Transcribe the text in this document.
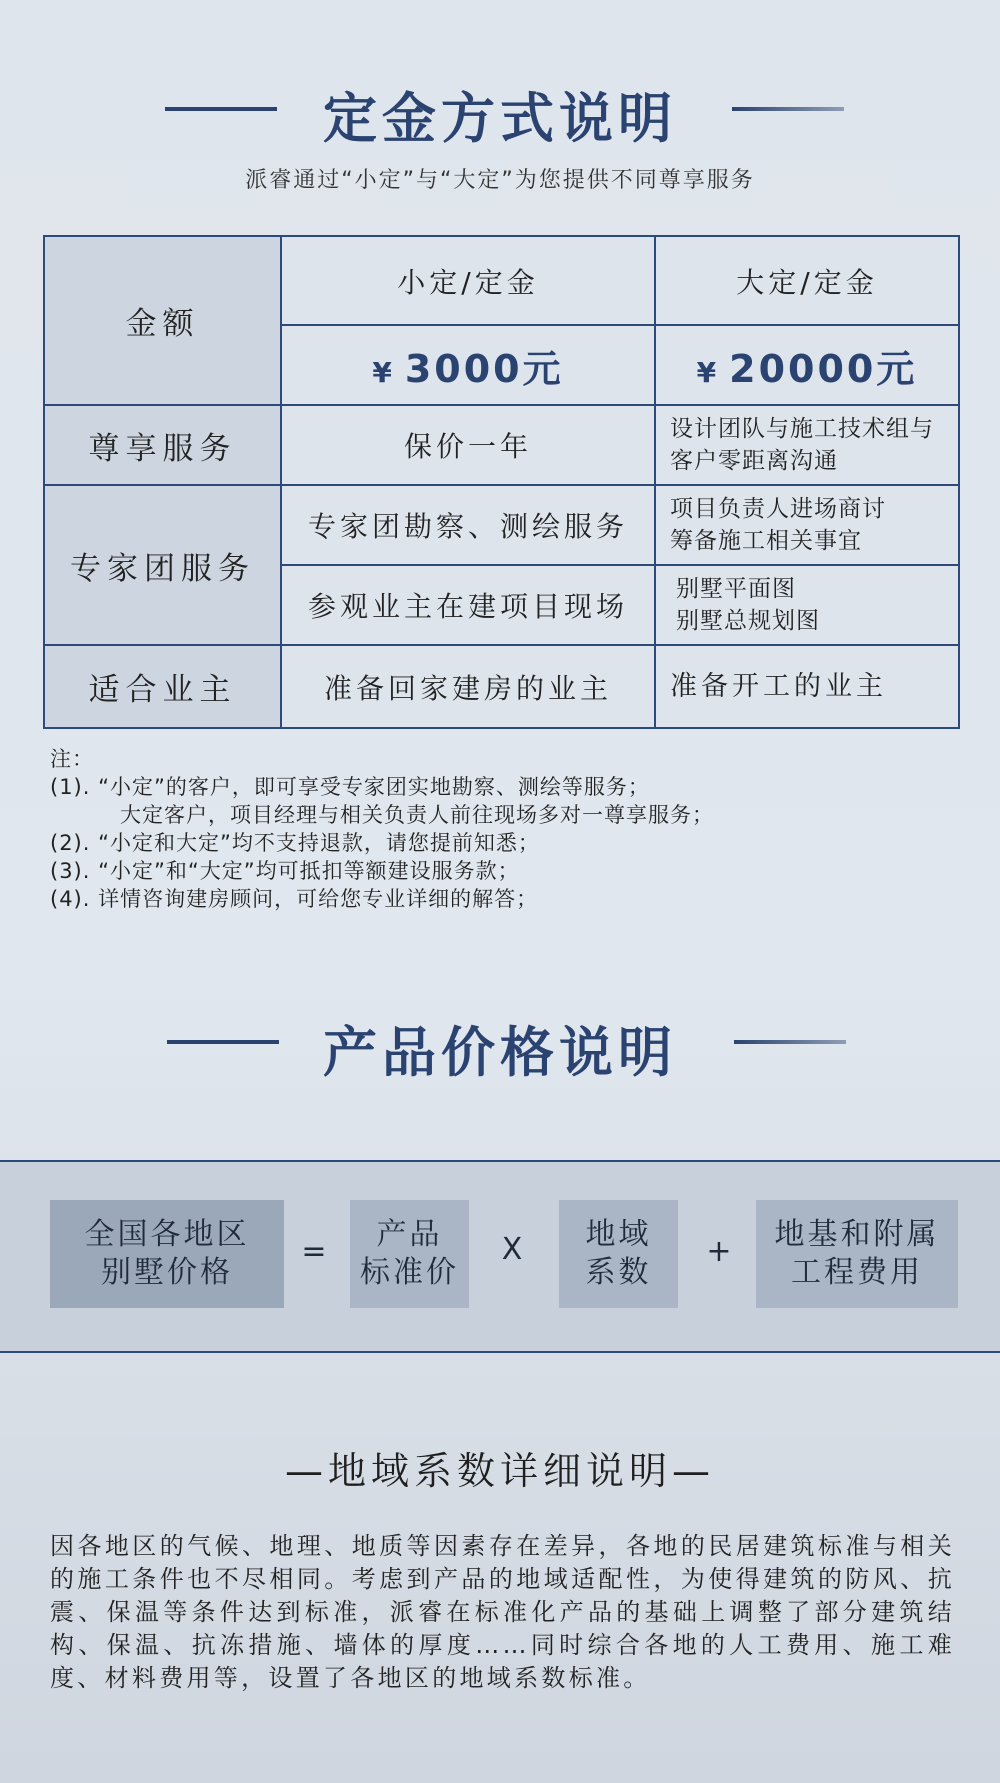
定金方式说明
派睿通过“小定”与“大定”为您提供不同尊享服务
金额	小定/定金	大定/定金
	¥ 3000元	¥ 20000元
尊享服务	保价一年	设计团队与施工技术组与
客户零距离沟通

专家团服务	专家团勘察、测绘服务	项目负责人进场商讨
筹备施工相关事宜

	参观业主在建项目现场	别墅平面图
别墅总规划图

适合业主	准备回家建房的业主	准备开工的业主
注：
(1). “小定”的客户，即可享受专家团实地勘察、测绘等服务；
大定客户，项目经理与相关负责人前往现场多对一尊享服务；
(2). “小定和大定”均不支持退款，请您提前知悉；
(3). “小定”和“大定”均可抵扣等额建设服务款；
(4). 详情咨询建房顾问，可给您专业详细的解答；
产品价格说明
全国各地区
别墅价格
=	产品
标准价
X	地域
系数
+ 地基和附属
工程费用
—地域系数详细说明—
因各地区的气候、地理、地质等因素存在差异，各地的民居建筑标准与相关的施工条件也不尽相同。考虑到产品的地域适配性，为使得建筑的防风、抗震、保温等条件达到标准，派睿在标准化产品的基础上调整了部分建筑结构、保温、抗冻措施、墙体的厚度……同时综合各地的人工费用、施工难度、材料费用等，设置了各地区的地域系数标准。
